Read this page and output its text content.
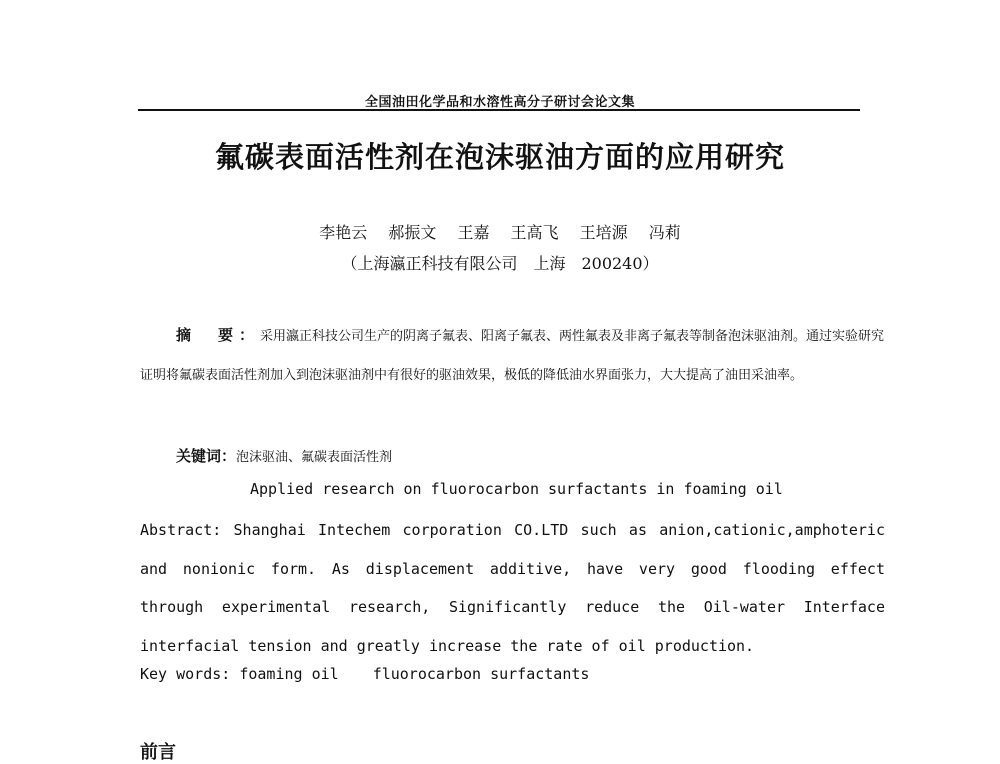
全国油田化学品和水溶性高分子研讨会论文集
氟碳表面活性剂在泡沫驱油方面的应用研究
李艳云 郝振文 王嘉 王高飞 王培源 冯莉
（上海瀛正科技有限公司　上海　200240）
摘　要：采用瀛正科技公司生产的阴离子氟表、阳离子氟表、两性氟表及非离子氟表等制备泡沫驱油剂。通过实验研究证明将氟碳表面活性剂加入到泡沫驱油剂中有很好的驱油效果，极低的降低油水界面张力，大大提高了油田采油率。
关键词：泡沫驱油、氟碳表面活性剂
Applied research on fluorocarbon surfactants in foaming oil
Abstract: Shanghai Intechem corporation CO.LTD such as anion,cationic,amphoteric and nonionic form. As displacement additive, have very good flooding effect through experimental research, Significantly reduce the Oil-water Interface interfacial tension and greatly increase the rate of oil production.
Key words: foaming oil fluorocarbon surfactants
前言
